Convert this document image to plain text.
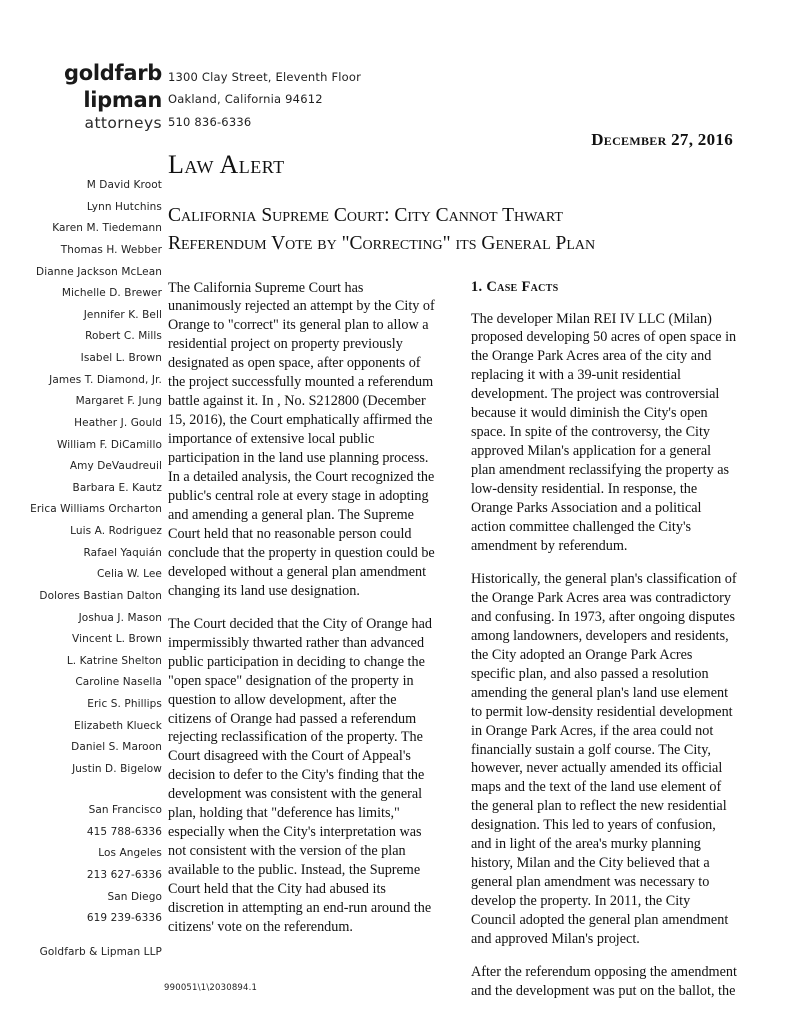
goldfarb
lipman
attorneys
1300 Clay Street, Eleventh Floor
Oakland, California 94612
510 836-6336
December 27, 2016
M David Kroot
Lynn Hutchins
Karen M. Tiedemann
Thomas H. Webber
Dianne Jackson McLean
Michelle D. Brewer
Jennifer K. Bell
Robert C. Mills
Isabel L. Brown
James T. Diamond, Jr.
Margaret F. Jung
Heather J. Gould
William F. DiCamillo
Amy DeVaudreuil
Barbara E. Kautz
Erica Williams Orcharton
Luis A. Rodriguez
Rafael Yaquián
Celia W. Lee
Dolores Bastian Dalton
Joshua J. Mason
Vincent L. Brown
L. Katrine Shelton
Caroline Nasella
Eric S. Phillips
Elizabeth Klueck
Daniel S. Maroon
Justin D. Bigelow
San Francisco
415 788-6336
Los Angeles
213 627-6336
San Diego
619 239-6336
Goldfarb & Lipman LLP
Law Alert
California Supreme Court: City Cannot Thwart Referendum Vote by "Correcting" its General Plan

The California Supreme Court has unanimously rejected an attempt by the City of Orange to "correct" its general plan to allow a residential project on property previously designated as open space, after opponents of the project successfully mounted a referendum battle against it. In , No. S212800 (December 15, 2016), the Court emphatically affirmed the importance of extensive local public participation in the land use planning process. In a detailed analysis, the Court recognized the public's central role at every stage in adopting and amending a general plan. The Supreme Court held that no reasonable person could conclude that the property in question could be developed without a general plan amendment changing its land use designation.

The Court decided that the City of Orange had impermissibly thwarted rather than advanced public participation in deciding to change the "open space" designation of the property in question to allow development, after the citizens of Orange had passed a referendum rejecting reclassification of the property. The Court disagreed with the Court of Appeal's decision to defer to the City's finding that the development was consistent with the general plan, holding that "deference has limits," especially when the City's interpretation was not consistent with the version of the plan available to the public. Instead, the Supreme Court held that the City had abused its discretion in attempting an end-run around the citizens' vote on the referendum.

1. Case Facts

The developer Milan REI IV LLC (Milan) proposed developing 50 acres of open space in the Orange Park Acres area of the city and replacing it with a 39-unit residential development. The project was controversial because it would diminish the City's open space. In spite of the controversy, the City approved Milan's application for a general plan amendment reclassifying the property as low-density residential. In response, the Orange Parks Association and a political action committee challenged the City's amendment by referendum.

Historically, the general plan's classification of the Orange Park Acres area was contradictory and confusing. In 1973, after ongoing disputes among landowners, developers and residents, the City adopted an Orange Park Acres specific plan, and also passed a resolution amending the general plan's land use element to permit low-density residential development in Orange Park Acres, if the area could not financially sustain a golf course. The City, however, never actually amended its official maps and the text of the land use element of the general plan to reflect the new residential designation. This led to years of confusion, and in light of the area's murky planning history, Milan and the City believed that a general plan amendment was necessary to develop the property. In 2011, the City Council adopted the general plan amendment and approved Milan's project.

After the referendum opposing the amendment and the development was put on the ballot, the

990051\1\2030894.1
